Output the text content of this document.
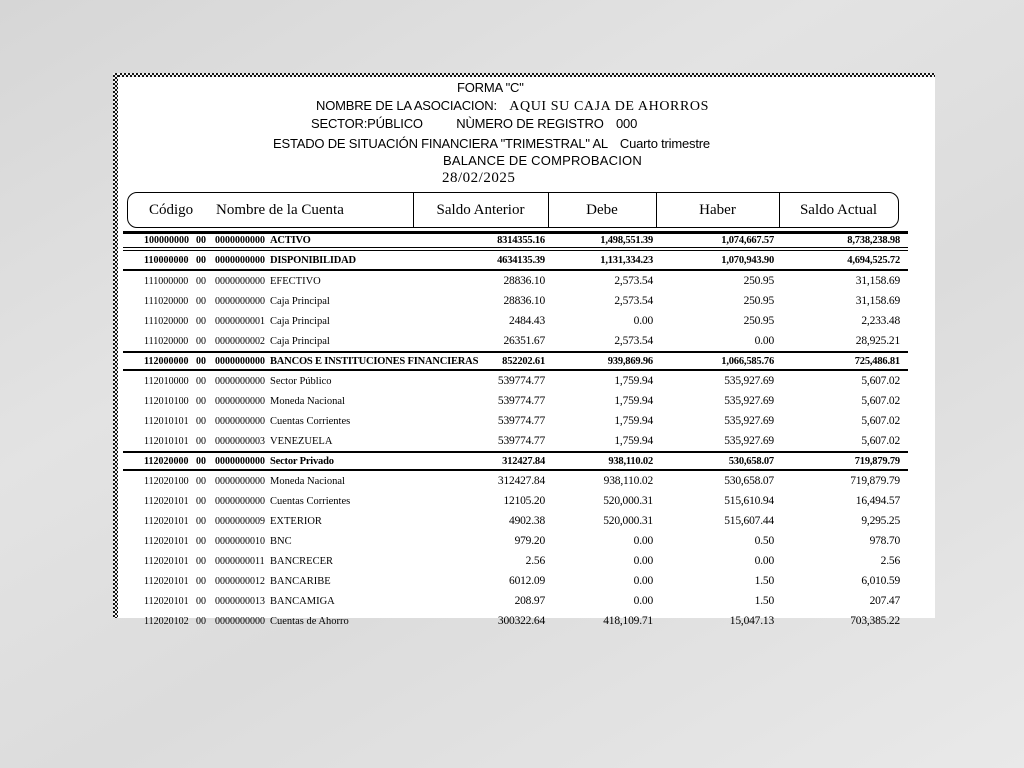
FORMA "C"
NOMBRE DE LA ASOCIACION: AQUI SU CAJA DE AHORROS
SECTOR:PÚBLICO	NÙMERO DE REGISTRO 000
ESTADO DE SITUACIÓN FINANCIERA "TRIMESTRAL" AL Cuarto trimestre
BALANCE DE COMPROBACION
28/02/2025
Código Nombre de la Cuenta	Saldo Anterior	Debe	Haber	Saldo Actual
100000000 00 0000000000 ACTIVO	8314355.16	1,498,551.39	1,074,667.57	8,738,238.98
110000000 00 0000000000 DISPONIBILIDAD	4634135.39	1,131,334.23	1,070,943.90	4,694,525.72
111000000 00 0000000000 EFECTIVO	28836.10	2,573.54	250.95	31,158.69
111020000 00 0000000000 Caja Principal	28836.10	2,573.54	250.95	31,158.69
111020000 00 0000000001 Caja Principal	2484.43	0.00	250.95	2,233.48
111020000 00 0000000002 Caja Principal	26351.67	2,573.54	0.00	28,925.21
112000000 00 0000000000 BANCOS E INSTITUCIONES FINANCIERAS	852202.61	939,869.96	1,066,585.76	725,486.81
112010000 00 0000000000 Sector Público	539774.77	1,759.94	535,927.69	5,607.02
112010100 00 0000000000 Moneda Nacional	539774.77	1,759.94	535,927.69	5,607.02
112010101 00 0000000000 Cuentas Corrientes	539774.77	1,759.94	535,927.69	5,607.02
112010101 00 0000000003 VENEZUELA	539774.77	1,759.94	535,927.69	5,607.02
112020000 00 0000000000 Sector Privado	312427.84	938,110.02	530,658.07	719,879.79
112020100 00 0000000000 Moneda Nacional	312427.84	938,110.02	530,658.07	719,879.79
112020101 00 0000000000 Cuentas Corrientes	12105.20	520,000.31	515,610.94	16,494.57
112020101 00 0000000009 EXTERIOR	4902.38	520,000.31	515,607.44	9,295.25
112020101 00 0000000010 BNC	979.20	0.00	0.50	978.70
112020101 00 0000000011 BANCRECER	2.56	0.00	0.00	2.56
112020101 00 0000000012 BANCARIBE	6012.09	0.00	1.50	6,010.59
112020101 00 0000000013 BANCAMIGA	208.97	0.00	1.50	207.47
112020102 00 0000000000 Cuentas de Ahorro	300322.64	418,109.71	15,047.13	703,385.22
